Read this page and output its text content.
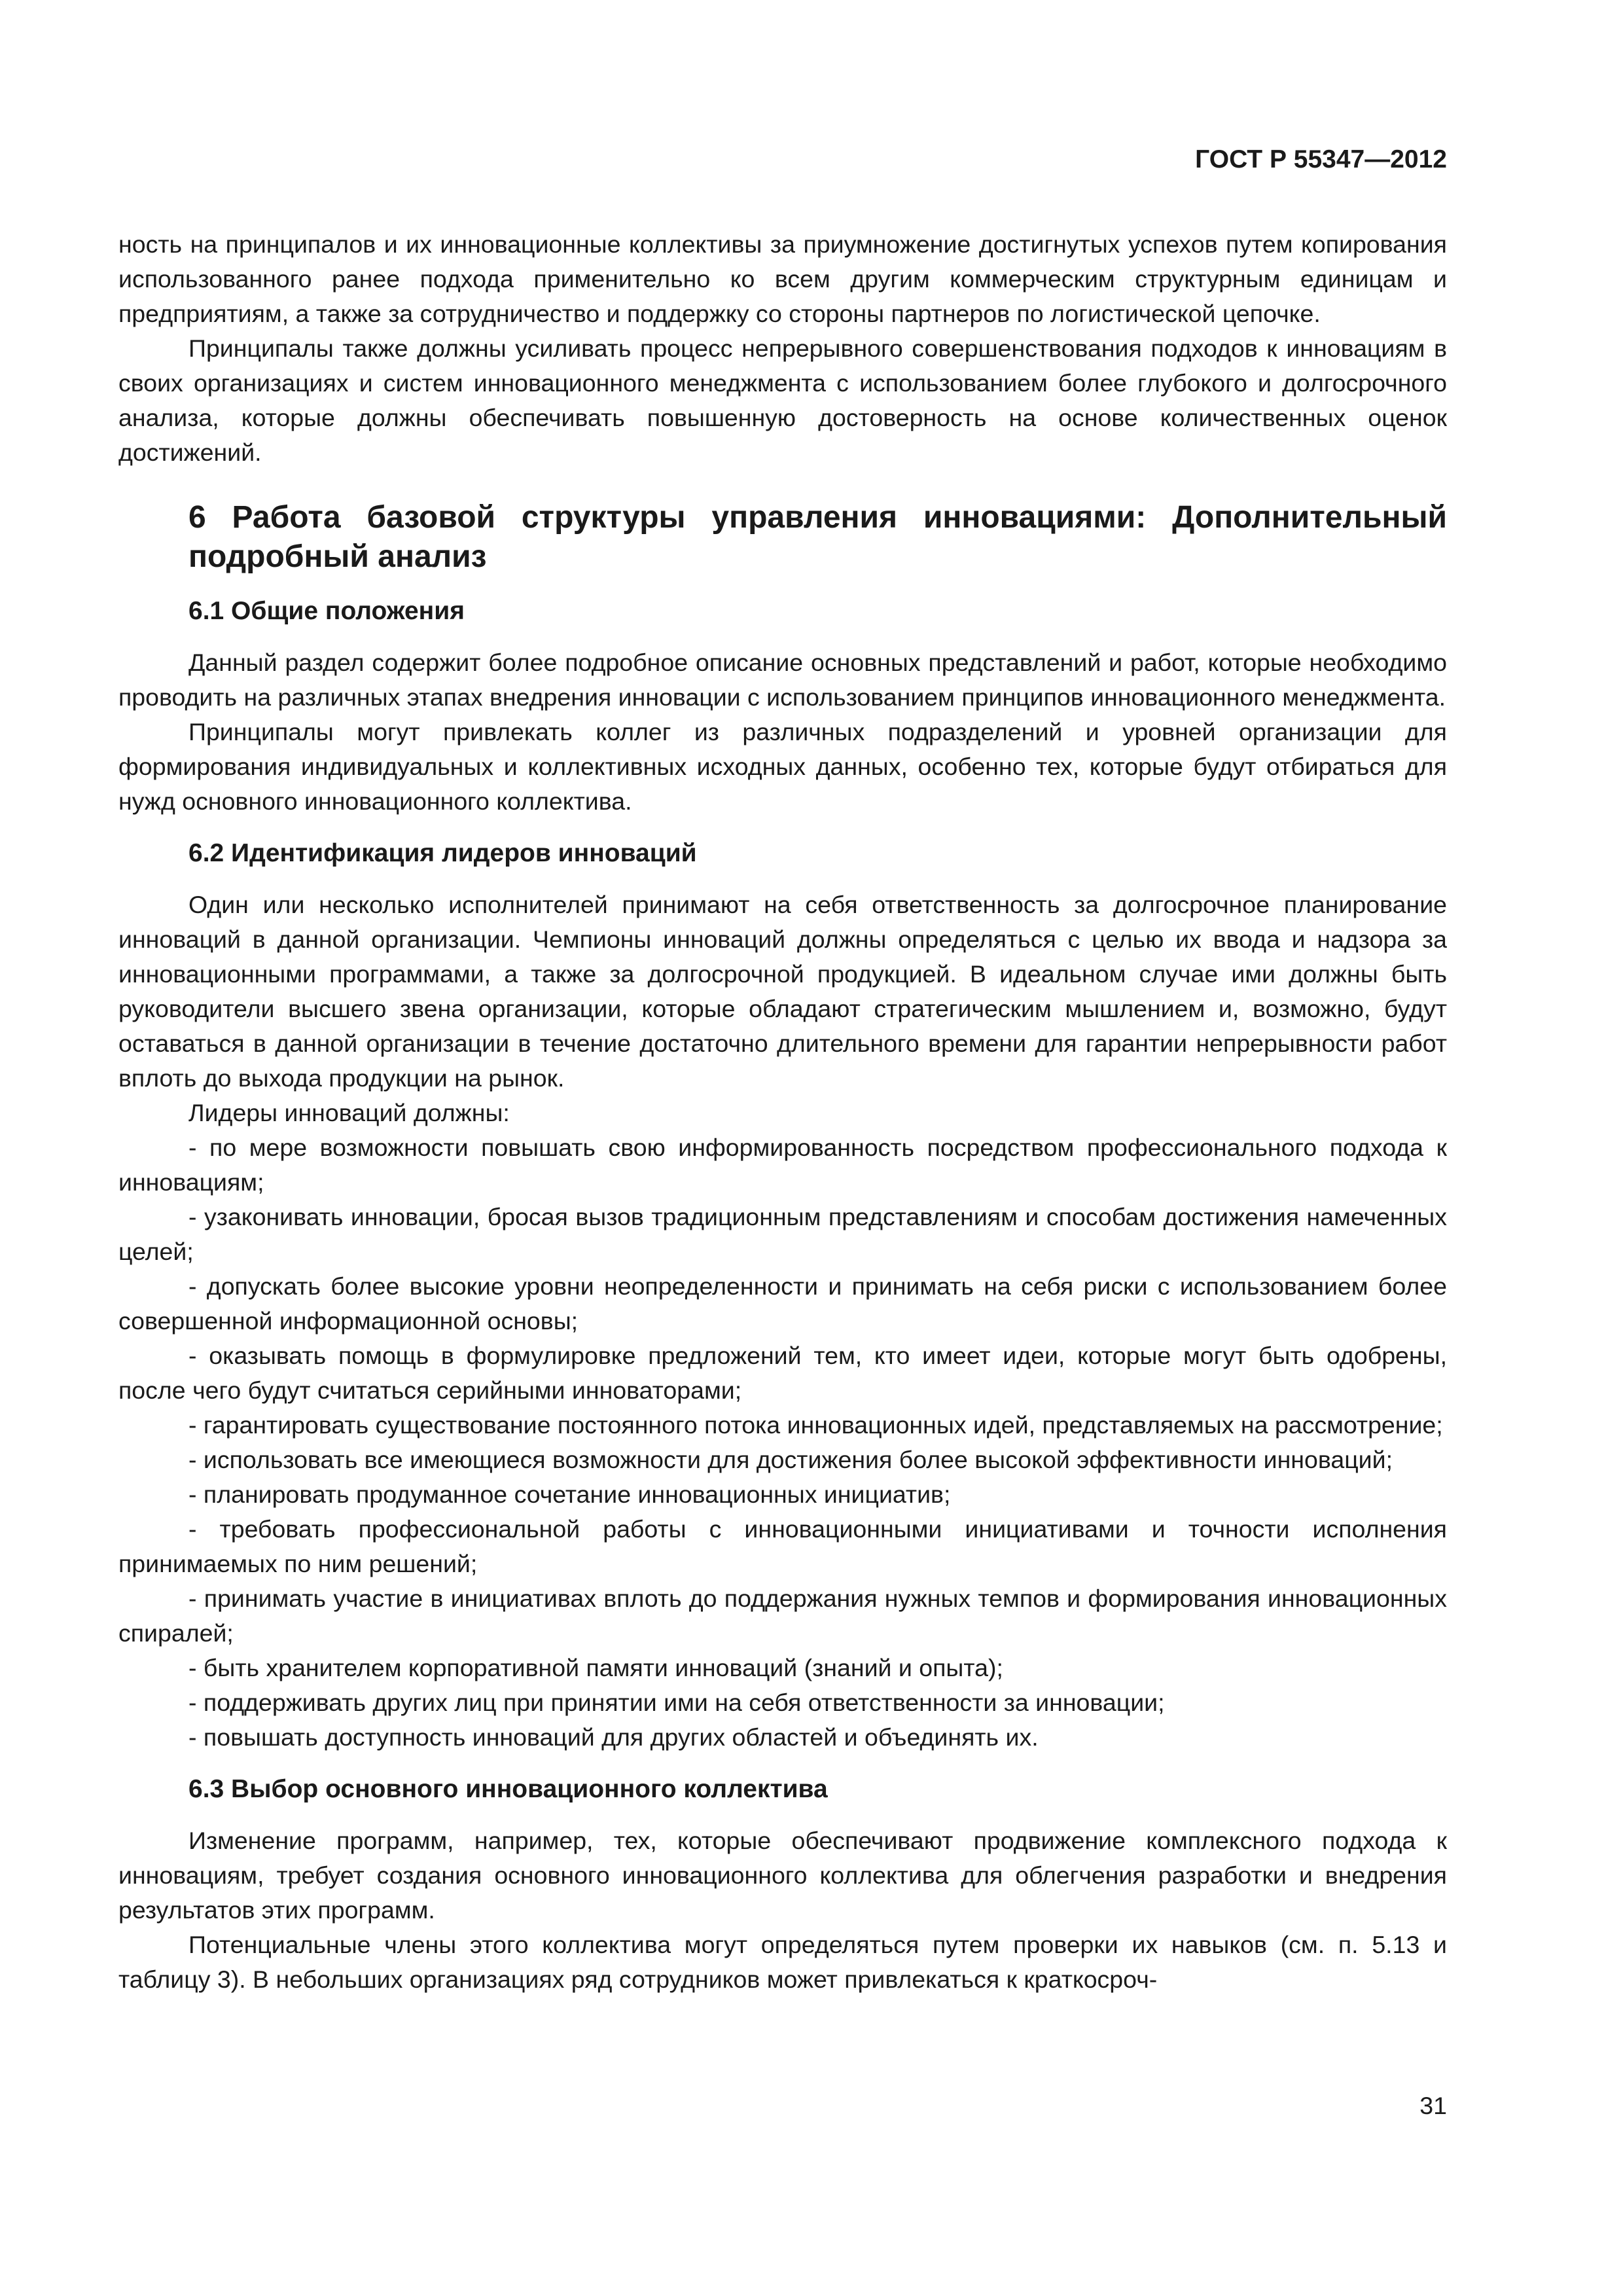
ГОСТ Р 55347—2012

ность на принципалов и их инновационные коллективы за приумножение достигнутых успехов путем копирования использованного ранее подхода применительно ко всем другим коммерческим структурным единицам и предприятиям, а также за сотрудничество и поддержку со стороны партнеров по логистической цепочке.

Принципалы также должны усиливать процесс непрерывного совершенствования подходов к инновациям в своих организациях и систем инновационного менеджмента с использованием более глубокого и долгосрочного анализа, которые должны обеспечивать повышенную достоверность на основе количественных оценок достижений.

6 Работа базовой структуры управления инновациями: Дополнительный подробный анализ
6.1 Общие положения

Данный раздел содержит более подробное описание основных представлений и работ, которые необходимо проводить на различных этапах внедрения инновации с использованием принципов инновационного менеджмента.

Принципалы могут привлекать коллег из различных подразделений и уровней организации для формирования индивидуальных и коллективных исходных данных, особенно тех, которые будут отбираться для нужд основного инновационного коллектива.

6.2 Идентификация лидеров инноваций

Один или несколько исполнителей принимают на себя ответственность за долгосрочное планирование инноваций в данной организации. Чемпионы инноваций должны определяться с целью их ввода и надзора за инновационными программами, а также за долгосрочной продукцией. В идеальном случае ими должны быть руководители высшего звена организации, которые обладают стратегическим мышлением и, возможно, будут оставаться в данной организации в течение достаточно длительного времени для гарантии непрерывности работ вплоть до выхода продукции на рынок.

Лидеры инноваций должны:

- по мере возможности повышать свою информированность посредством профессионального подхода к инновациям;

- узаконивать инновации, бросая вызов традиционным представлениям и способам достижения намеченных целей;

- допускать более высокие уровни неопределенности и принимать на себя риски с использованием более совершенной информационной основы;

- оказывать помощь в формулировке предложений тем, кто имеет идеи, которые могут быть одобрены, после чего будут считаться серийными инноваторами;

- гарантировать существование постоянного потока инновационных идей, представляемых на рассмотрение;

- использовать все имеющиеся возможности для достижения более высокой эффективности инноваций;

- планировать продуманное сочетание инновационных инициатив;

- требовать профессиональной работы с инновационными инициативами и точности исполнения принимаемых по ним решений;

- принимать участие в инициативах вплоть до поддержания нужных темпов и формирования инновационных спиралей;

- быть хранителем корпоративной памяти инноваций (знаний и опыта);

- поддерживать других лиц при принятии ими на себя ответственности за инновации;

- повышать доступность инноваций для других областей и объединять их.

6.3 Выбор основного инновационного коллектива

Изменение программ, например, тех, которые обеспечивают продвижение комплексного подхода к инновациям, требует создания основного инновационного коллектива для облегчения разработки и внедрения результатов этих программ.

Потенциальные члены этого коллектива могут определяться путем проверки их навыков (см. п. 5.13 и таблицу 3). В небольших организациях ряд сотрудников может привлекаться к краткосроч-

31
